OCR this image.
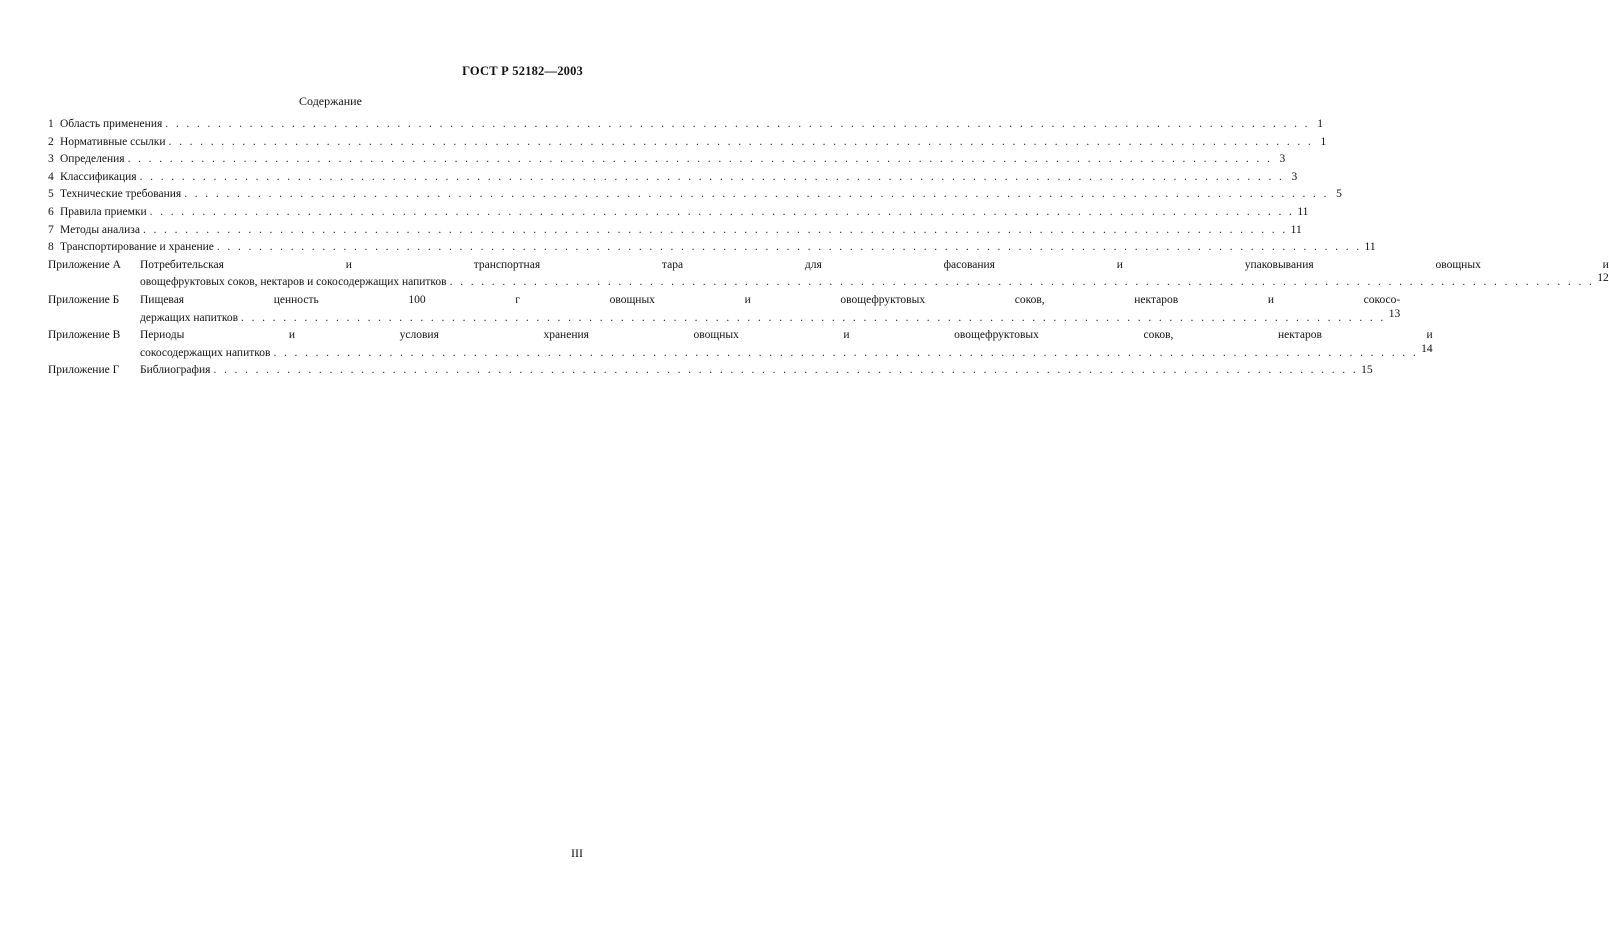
ГОСТ Р 52182—2003
Содержание
1 Область применения . . .	1
2 Нормативные ссылки . . .	1
3 Определения . . .	3
4 Классификация . . .	3
5 Технические требования . . .	5
6 Правила приемки . . .	11
7 Методы анализа . . .	11
8 Транспортирование и хранение . . .	11
Приложение А	Потребительская и транспортная тара для фасования и упаковывания овощных и
овощефруктовых соков, нектаров и сокосодержащих напитков . . .	12
Приложение Б	Пищевая ценность 100 г овощных и овощефруктовых соков, нектаров и сокосо-
держащих напитков . . .	13
Приложение В	Периоды и условия хранения овощных и овощефруктовых соков, нектаров и
сокосодержащих напитков . . .	14
Приложение Г	Библиография . . .	15
III
